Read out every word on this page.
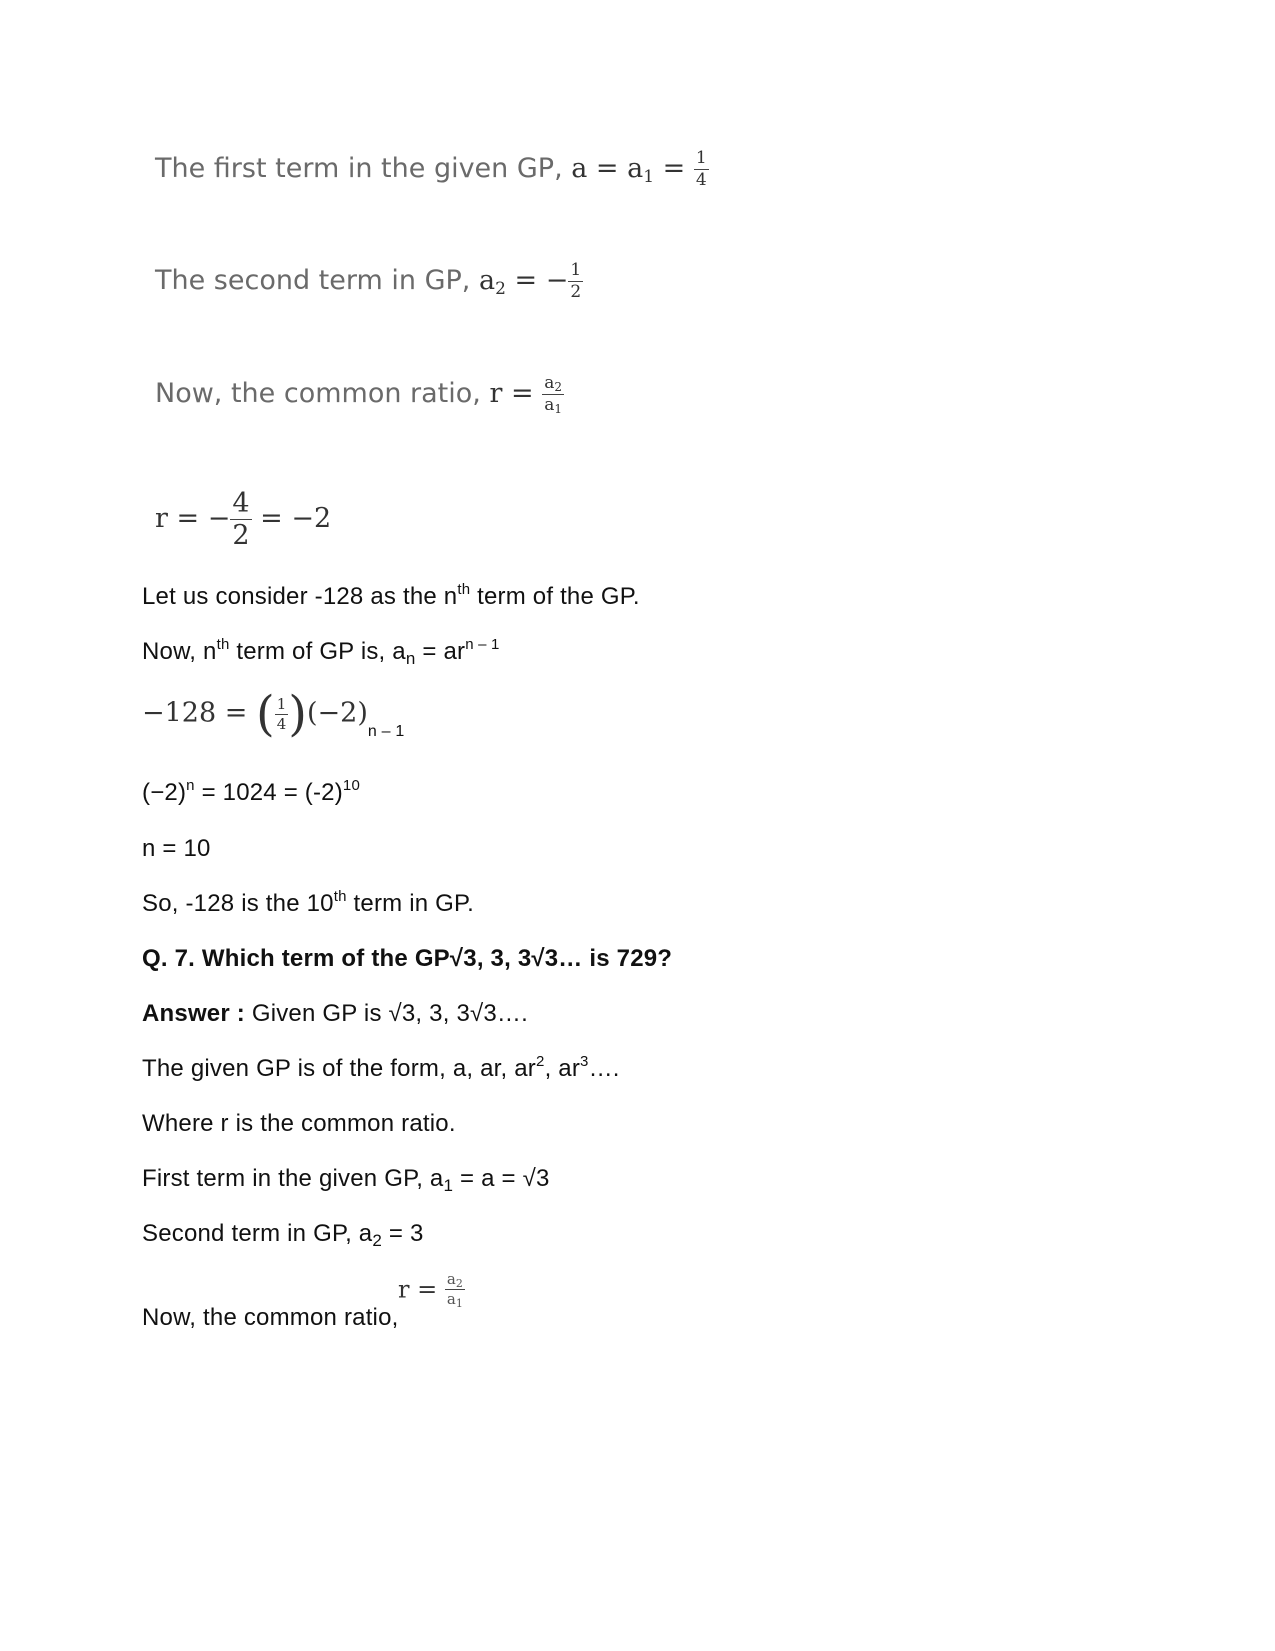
The first term in the given GP, $a = a_1 = \frac{1}{4}$
The second term in GP, $a_2$ = − $\frac{1}{2}$
Now, the common ratio, $r = \frac{a_2}{a_1}$
r = − $\frac{4}{2} = -2$
Let us consider -128 as the $n^{th}$ term of the GP.
Now, $n^{th}$ term of GP is, $a_n = ar^{n - 1}$
−128 = ( $\frac{1}{4} )(-2)_{n - 1}$
$(-2)^n = 1024 = (-2)^{10}$
n = 10
So, -128 is the 10th term in GP.
Q. 7. Which term of the GP√3, 3, 3√3… is 729?
Answer : Given GP is √3, 3, 3√3….
The given GP is of the form, a, ar, $ar^2$, $ar^3\dots$.
Where r is the common ratio.
First term in the given GP, $a_1 = a = √3$
Second term in GP, $a_2 = 3$
Now, the common ratio,
$r = \frac{a_2}{a_1}$
